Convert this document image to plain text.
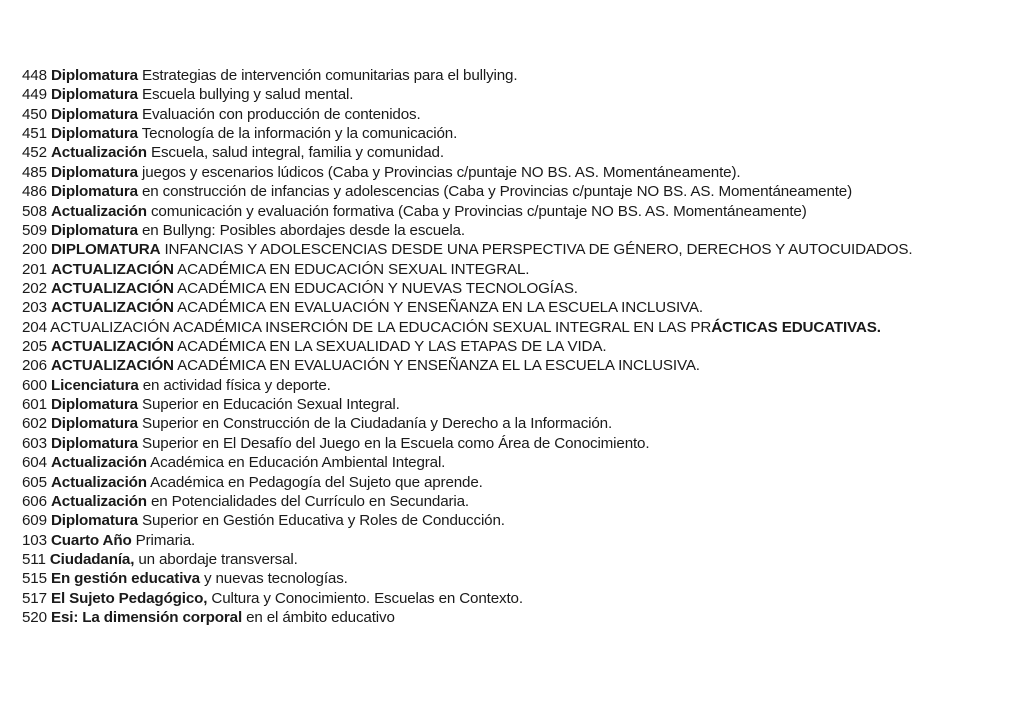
448 Diplomatura Estrategias de intervención comunitarias para el bullying.
449 Diplomatura Escuela bullying y salud mental.
450 Diplomatura Evaluación con producción de contenidos.
451 Diplomatura Tecnología de la información y la comunicación.
452 Actualización Escuela, salud integral, familia y comunidad.
485 Diplomatura juegos y escenarios lúdicos (Caba y Provincias c/puntaje NO BS. AS. Momentáneamente).
486 Diplomatura en construcción de infancias y adolescencias (Caba y Provincias c/puntaje NO BS. AS. Momentáneamente)
508 Actualización comunicación y evaluación formativa (Caba y Provincias c/puntaje NO BS. AS. Momentáneamente)
509 Diplomatura en Bullyng: Posibles abordajes desde la escuela.
200 DIPLOMATURA INFANCIAS Y ADOLESCENCIAS DESDE UNA PERSPECTIVA DE GÉNERO, DERECHOS Y AUTOCUIDADOS.
201 ACTUALIZACIÓN ACADÉMICA EN EDUCACIÓN SEXUAL INTEGRAL.
202 ACTUALIZACIÓN ACADÉMICA EN EDUCACIÓN Y NUEVAS TECNOLOGÍAS.
203 ACTUALIZACIÓN ACADÉMICA EN EVALUACIÓN Y ENSEÑANZA EN LA ESCUELA INCLUSIVA.
204 ACTUALIZACIÓN ACADÉMICA INSERCIÓN DE LA EDUCACIÓN SEXUAL INTEGRAL EN LAS PRÁCTICAS EDUCATIVAS.
205 ACTUALIZACIÓN ACADÉMICA EN LA SEXUALIDAD Y LAS ETAPAS DE LA VIDA.
206 ACTUALIZACIÓN ACADÉMICA EN EVALUACIÓN Y ENSEÑANZA EL LA ESCUELA INCLUSIVA.
600 Licenciatura en actividad física y deporte.
601 Diplomatura Superior en Educación Sexual Integral.
602 Diplomatura Superior en Construcción de la Ciudadanía y Derecho a la Información.
603 Diplomatura Superior en El Desafío del Juego en la Escuela como Área de Conocimiento.
604 Actualización Académica en Educación Ambiental Integral.
605 Actualización Académica en Pedagogía del Sujeto que aprende.
606 Actualización en Potencialidades del Currículo en Secundaria.
609 Diplomatura Superior en Gestión Educativa y Roles de Conducción.
103 Cuarto Año Primaria.
511 Ciudadanía, un abordaje transversal.
515 En gestión educativa y nuevas tecnologías.
517 El Sujeto Pedagógico, Cultura y Conocimiento. Escuelas en Contexto.
520 Esi: La dimensión corporal en el ámbito educativo
